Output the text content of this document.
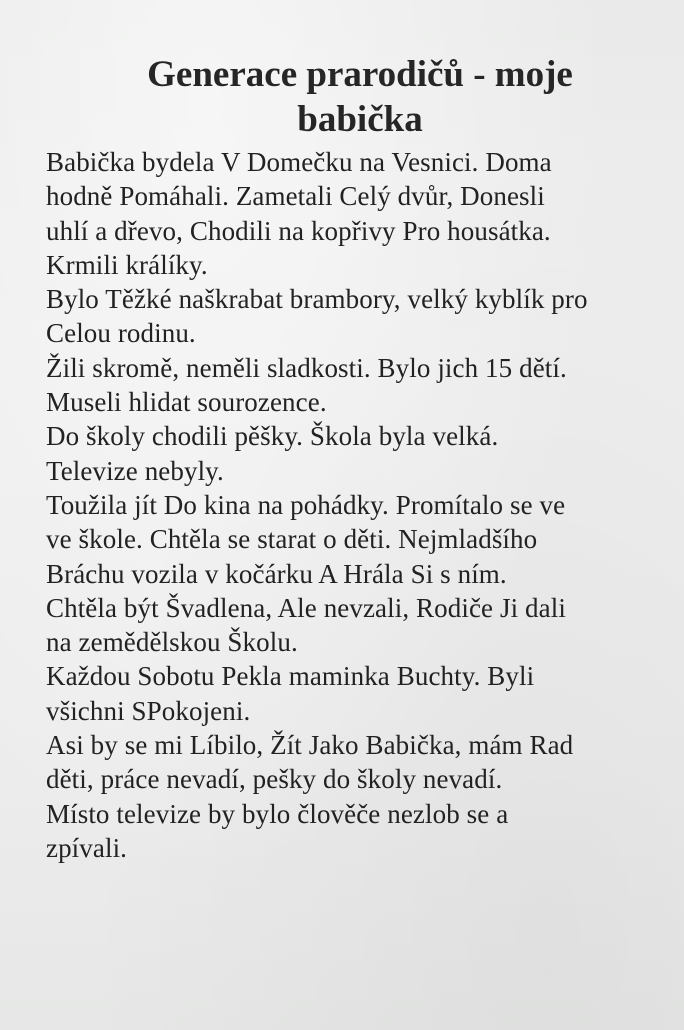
Generace prarodičů - moje
babička
Babička bydela V Domečku na Vesnici. Doma
hodně Pomáhali. Zametali Celý dvůr, Donesli
uhlí a dřevo, Chodili na kopřivy Pro housátka.
Krmili králíky.
Bylo Těžké naškrabat brambory, velký kyblík pro
Celou rodinu.
Žili skromě, neměli sladkosti. Bylo jich 15 dětí.
Museli hlidat sourozence.
Do školy chodili pěšky. Škola byla velká.
Televize nebyly.
Toužila jít Do kina na pohádky. Promítalo se ve
ve škole. Chtěla se starat o děti. Nejmladšího
Bráchu vozila v kočárku A Hrála Si s ním.
Chtěla být Švadlena, Ale nevzali, Rodiče Ji dali
na zemědělskou Školu.
Každou Sobotu Pekla maminka Buchty. Byli
všichni SPokojeni.
Asi by se mi Líbilo, Žít Jako Babička, mám Rad
děti, práce nevadí, pešky do školy nevadí.
Místo televize by bylo člověče nezlob se a
zpívali.
